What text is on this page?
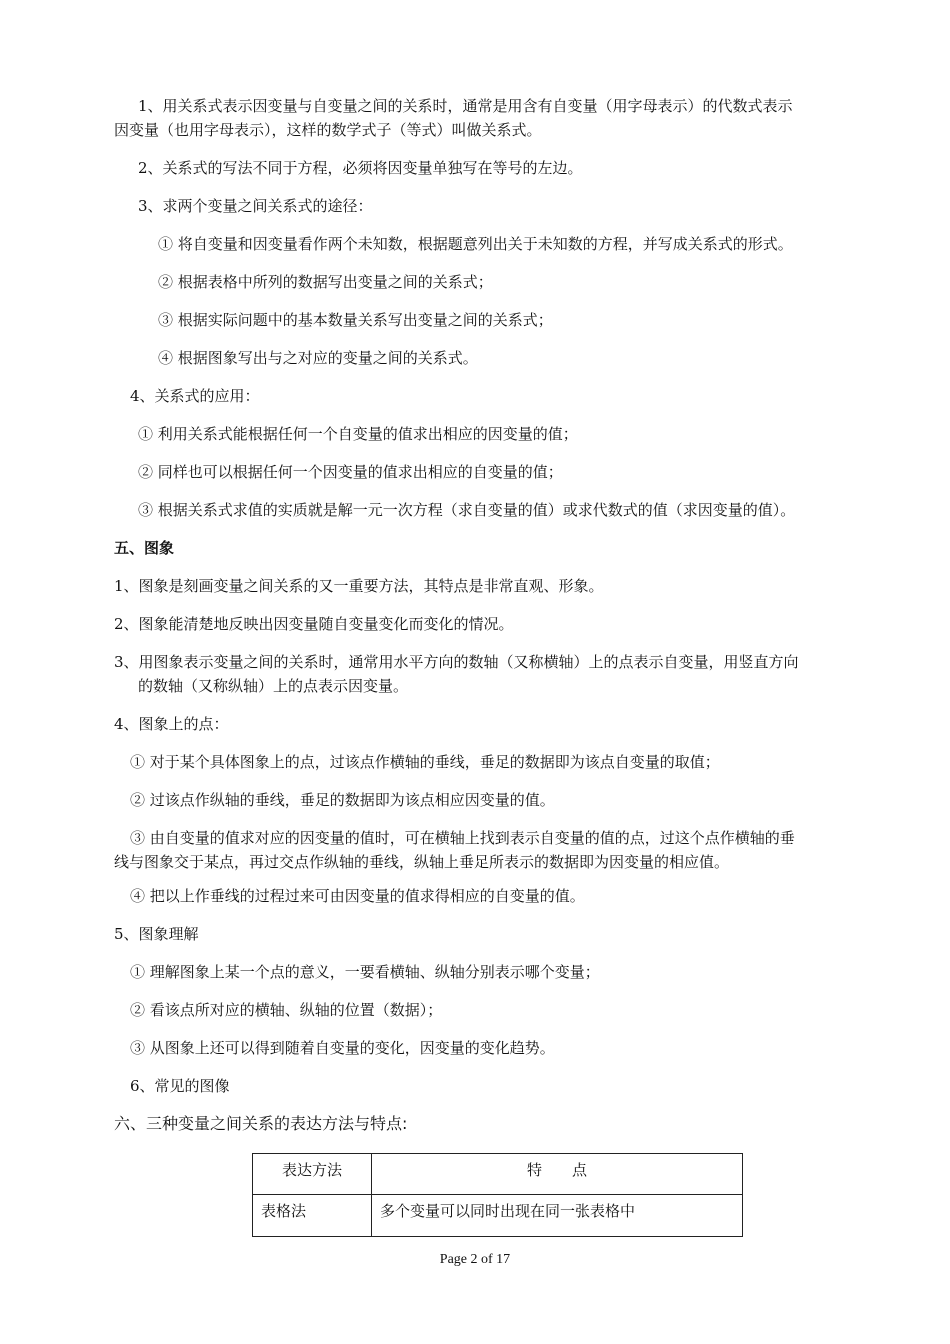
1、用关系式表示因变量与自变量之间的关系时，通常是用含有自变量（用字母表示）的代数式表示
因变量（也用字母表示），这样的数学式子（等式）叫做关系式。
2、关系式的写法不同于方程，必须将因变量单独写在等号的左边。
3、求两个变量之间关系式的途径：
① 将自变量和因变量看作两个未知数，根据题意列出关于未知数的方程，并写成关系式的形式。
② 根据表格中所列的数据写出变量之间的关系式；
③ 根据实际问题中的基本数量关系写出变量之间的关系式；
④ 根据图象写出与之对应的变量之间的关系式。
4、关系式的应用：
① 利用关系式能根据任何一个自变量的值求出相应的因变量的值；
② 同样也可以根据任何一个因变量的值求出相应的自变量的值；
③ 根据关系式求值的实质就是解一元一次方程（求自变量的值）或求代数式的值（求因变量的值）。
五、图象
1、图象是刻画变量之间关系的又一重要方法，其特点是非常直观、形象。
2、图象能清楚地反映出因变量随自变量变化而变化的情况。
3、用图象表示变量之间的关系时，通常用水平方向的数轴（又称横轴）上的点表示自变量，用竖直方向
的数轴（又称纵轴）上的点表示因变量。
4、图象上的点：
① 对于某个具体图象上的点，过该点作横轴的垂线，垂足的数据即为该点自变量的取值；
② 过该点作纵轴的垂线，垂足的数据即为该点相应因变量的值。
③ 由自变量的值求对应的因变量的值时，可在横轴上找到表示自变量的值的点，过这个点作横轴的垂
线与图象交于某点，再过交点作纵轴的垂线，纵轴上垂足所表示的数据即为因变量的相应值。
④ 把以上作垂线的过程过来可由因变量的值求得相应的自变量的值。
5、图象理解
① 理解图象上某一个点的意义，一要看横轴、纵轴分别表示哪个变量；
② 看该点所对应的横轴、纵轴的位置（数据）；
③ 从图象上还可以得到随着自变量的变化，因变量的变化趋势。
6、常见的图像
六、三种变量之间关系的表达方法与特点:
表达方法	特　　点
表格法	多个变量可以同时出现在同一张表格中
Page 2 of 17
